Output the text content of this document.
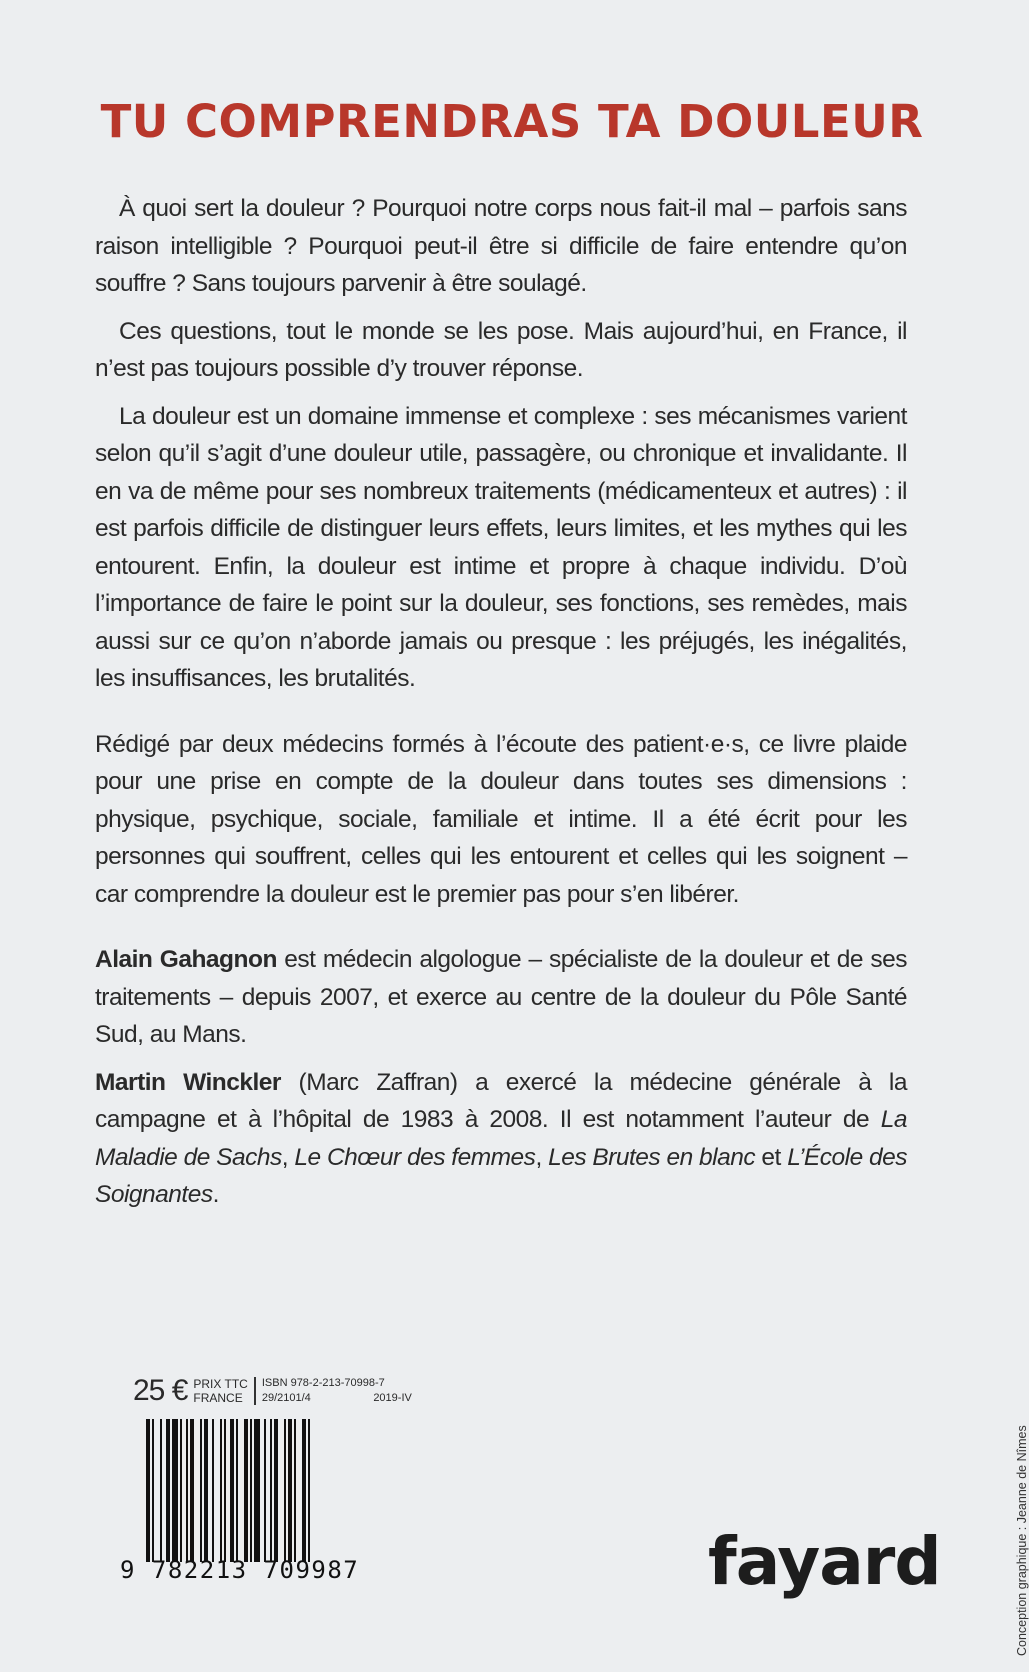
TU COMPRENDRAS TA DOULEUR

À quoi sert la douleur ? Pourquoi notre corps nous fait-il mal – parfois sans raison intelligible ? Pourquoi peut-il être si difficile de faire entendre qu’on souffre ? Sans toujours parvenir à être soulagé.

Ces questions, tout le monde se les pose. Mais aujourd’hui, en France, il n’est pas toujours possible d’y trouver réponse.

La douleur est un domaine immense et complexe : ses mécanismes varient selon qu’il s’agit d’une douleur utile, passagère, ou chronique et invalidante. Il en va de même pour ses nombreux traitements (médicamenteux et autres) : il est parfois difficile de distinguer leurs effets, leurs limites, et les mythes qui les entourent. Enfin, la douleur est intime et propre à chaque individu. D’où l’importance de faire le point sur la douleur, ses fonctions, ses remèdes, mais aussi sur ce qu’on n’aborde jamais ou presque : les préjugés, les inégalités, les insuffisances, les brutalités.

Rédigé par deux médecins formés à l’écoute des patient·e·s, ce livre plaide pour une prise en compte de la douleur dans toutes ses dimensions : physique, psychique, sociale, familiale et intime. Il a été écrit pour les personnes qui souffrent, celles qui les entourent et celles qui les soignent – car comprendre la douleur est le premier pas pour s’en libérer.

Alain Gahagnon est médecin algologue – spécialiste de la douleur et de ses traitements – depuis 2007, et exerce au centre de la douleur du Pôle Santé Sud, au Mans.

Martin Winckler (Marc Zaffran) a exercé la médecine générale à la campagne et à l’hôpital de 1983 à 2008. Il est notamment l’auteur de La Maladie de Sachs, Le Chœur des femmes, Les Brutes en blanc et L’École des Soignantes.

25 € PRIX TTC
FRANCE
ISBN 978-2-213-70998-7
29/2101/4	2019-IV
9 782213 709987	fayard	Conception graphique : Jeanne de Nîmes
